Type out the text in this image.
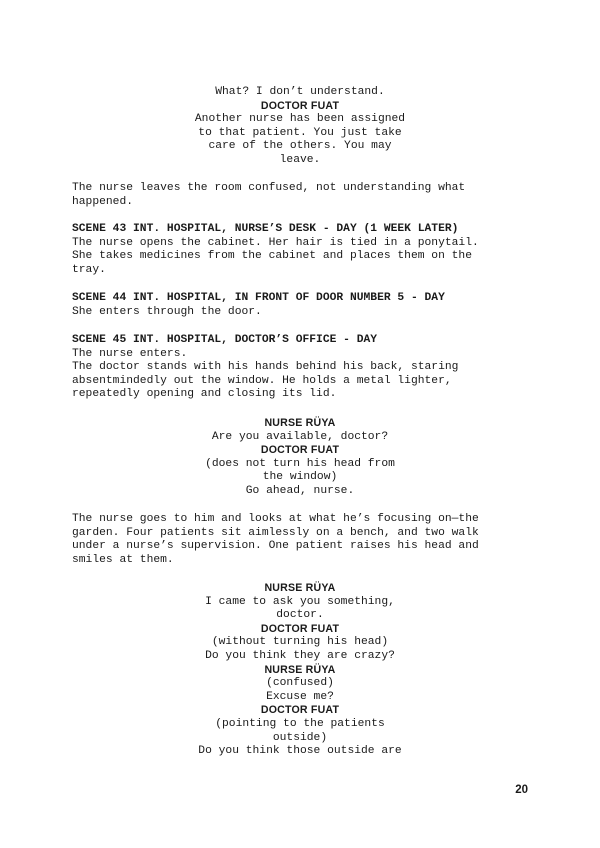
20
What? I don’t understand.
DOCTOR FUAT
Another nurse has been assigned
to that patient. You just take
care of the others. You may
leave.
The nurse leaves the room confused, not understanding what
happened.
SCENE 43 INT. HOSPITAL, NURSE’S DESK - DAY (1 WEEK LATER)
The nurse opens the cabinet. Her hair is tied in a ponytail.
She takes medicines from the cabinet and places them on the
tray.
SCENE 44 INT. HOSPITAL, IN FRONT OF DOOR NUMBER 5 - DAY
She enters through the door.
SCENE 45 INT. HOSPITAL, DOCTOR’S OFFICE - DAY
The nurse enters.
The doctor stands with his hands behind his back, staring
absentmindedly out the window. He holds a metal lighter,
repeatedly opening and closing its lid.
NURSE RÜYA
Are you available, doctor?
DOCTOR FUAT
(does not turn his head from
the window)
Go ahead, nurse.
The nurse goes to him and looks at what he’s focusing on—the
garden. Four patients sit aimlessly on a bench, and two walk
under a nurse’s supervision. One patient raises his head and
smiles at them.
NURSE RÜYA
I came to ask you something,
doctor.
DOCTOR FUAT
(without turning his head)
Do you think they are crazy?
NURSE RÜYA
(confused)
Excuse me?
DOCTOR FUAT
(pointing to the patients
outside)
Do you think those outside are
